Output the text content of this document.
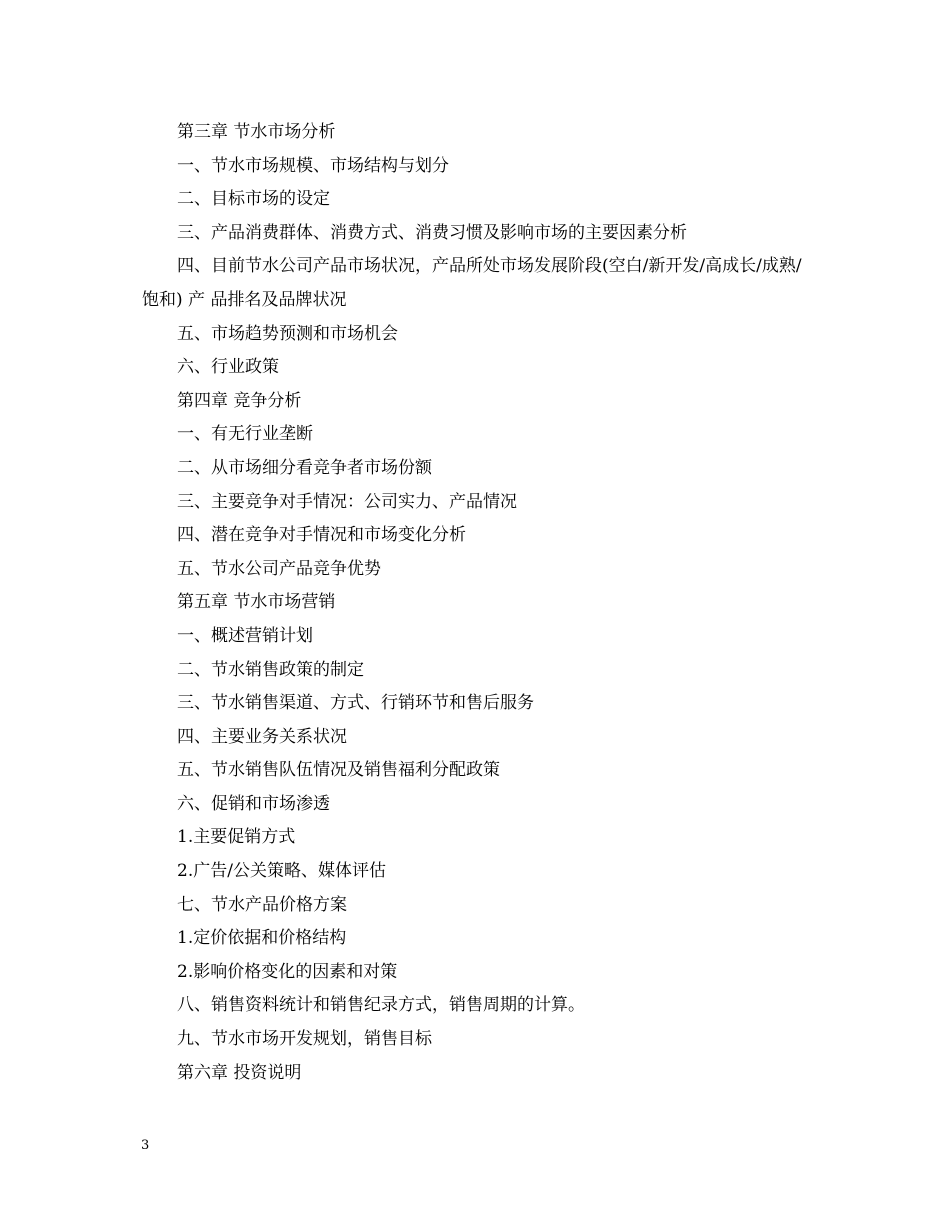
第三章 节水市场分析

一、节水市场规模、市场结构与划分

二、目标市场的设定

三、产品消费群体、消费方式、消费习惯及影响市场的主要因素分析

四、目前节水公司产品市场状况，产品所处市场发展阶段(空白/新开发/高成长/成熟/饱和) 产 品排名及品牌状况

五、市场趋势预测和市场机会

六、行业政策

第四章 竞争分析

一、有无行业垄断

二、从市场细分看竞争者市场份额

三、主要竞争对手情况：公司实力、产品情况

四、潜在竞争对手情况和市场变化分析

五、节水公司产品竞争优势

第五章 节水市场营销

一、概述营销计划

二、节水销售政策的制定

三、节水销售渠道、方式、行销环节和售后服务

四、主要业务关系状况

五、节水销售队伍情况及销售福利分配政策

六、促销和市场渗透

1.主要促销方式

2.广告/公关策略、媒体评估

七、节水产品价格方案

1.定价依据和价格结构

2.影响价格变化的因素和对策

八、销售资料统计和销售纪录方式，销售周期的计算。

九、节水市场开发规划，销售目标

第六章 投资说明

3
